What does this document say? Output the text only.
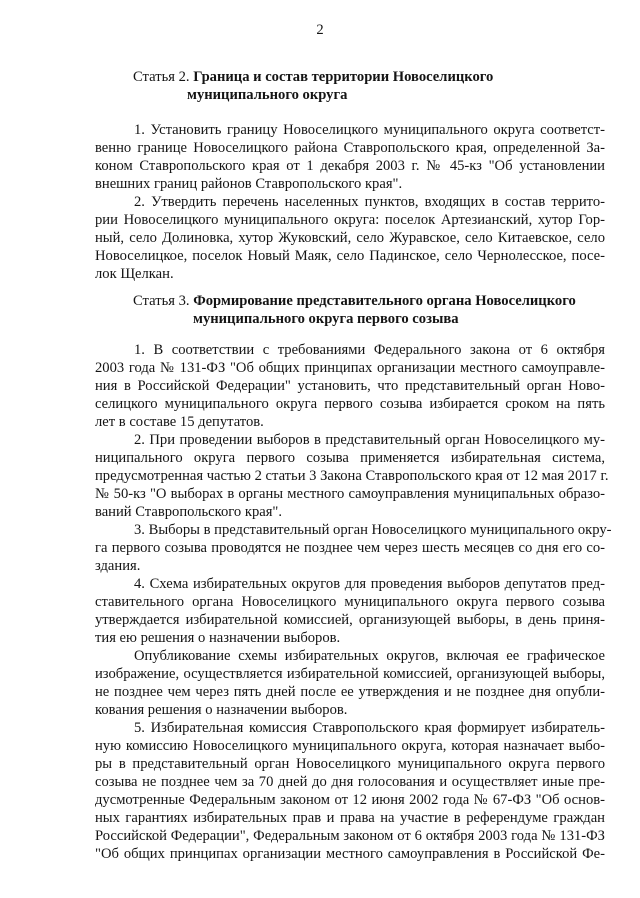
2
Статья 2. Граница и состав территории Новоселицкого
муниципального округа
1. Установить границу Новоселицкого муниципального округа соответст-
венно границе Новоселицкого района Ставропольского края, определенной За-
коном Ставропольского края от 1 декабря 2003 г. № 45-кз "Об установлении
внешних границ районов Ставропольского края".
2. Утвердить перечень населенных пунктов, входящих в состав террито-
рии Новоселицкого муниципального округа: поселок Артезианский, хутор Гор-
ный, село Долиновка, хутор Жуковский, село Журавское, село Китаевское, село
Новоселицкое, поселок Новый Маяк, село Падинское, село Чернолесское, посе-
лок Щелкан.
Статья 3. Формирование представительного органа Новоселицкого
муниципального округа первого созыва
1. В соответствии с требованиями Федерального закона от 6 октября
2003 года № 131-ФЗ "Об общих принципах организации местного самоуправле-
ния в Российской Федерации" установить, что представительный орган Ново-
селицкого муниципального округа первого созыва избирается сроком на пять
лет в составе 15 депутатов.
2. При проведении выборов в представительный орган Новоселицкого му-
ниципального округа первого созыва применяется избирательная система,
предусмотренная частью 2 статьи 3 Закона Ставропольского края от 12 мая 2017 г.
№ 50-кз "О выборах в органы местного самоуправления муниципальных образо-
ваний Ставропольского края".
3. Выборы в представительный орган Новоселицкого муниципального окру-
га первого созыва проводятся не позднее чем через шесть месяцев со дня его со-
здания.
4. Схема избирательных округов для проведения выборов депутатов пред-
ставительного органа Новоселицкого муниципального округа первого созыва
утверждается избирательной комиссией, организующей выборы, в день приня-
тия ею решения о назначении выборов.
Опубликование схемы избирательных округов, включая ее графическое
изображение, осуществляется избирательной комиссией, организующей выборы,
не позднее чем через пять дней после ее утверждения и не позднее дня опубли-
кования решения о назначении выборов.
5. Избирательная комиссия Ставропольского края формирует избиратель-
ную комиссию Новоселицкого муниципального округа, которая назначает выбо-
ры в представительный орган Новоселицкого муниципального округа первого
созыва не позднее чем за 70 дней до дня голосования и осуществляет иные пре-
дусмотренные Федеральным законом от 12 июня 2002 года № 67-ФЗ "Об основ-
ных гарантиях избирательных прав и права на участие в референдуме граждан
Российской Федерации", Федеральным законом от 6 октября 2003 года № 131-ФЗ
"Об общих принципах организации местного самоуправления в Российской Фе-
